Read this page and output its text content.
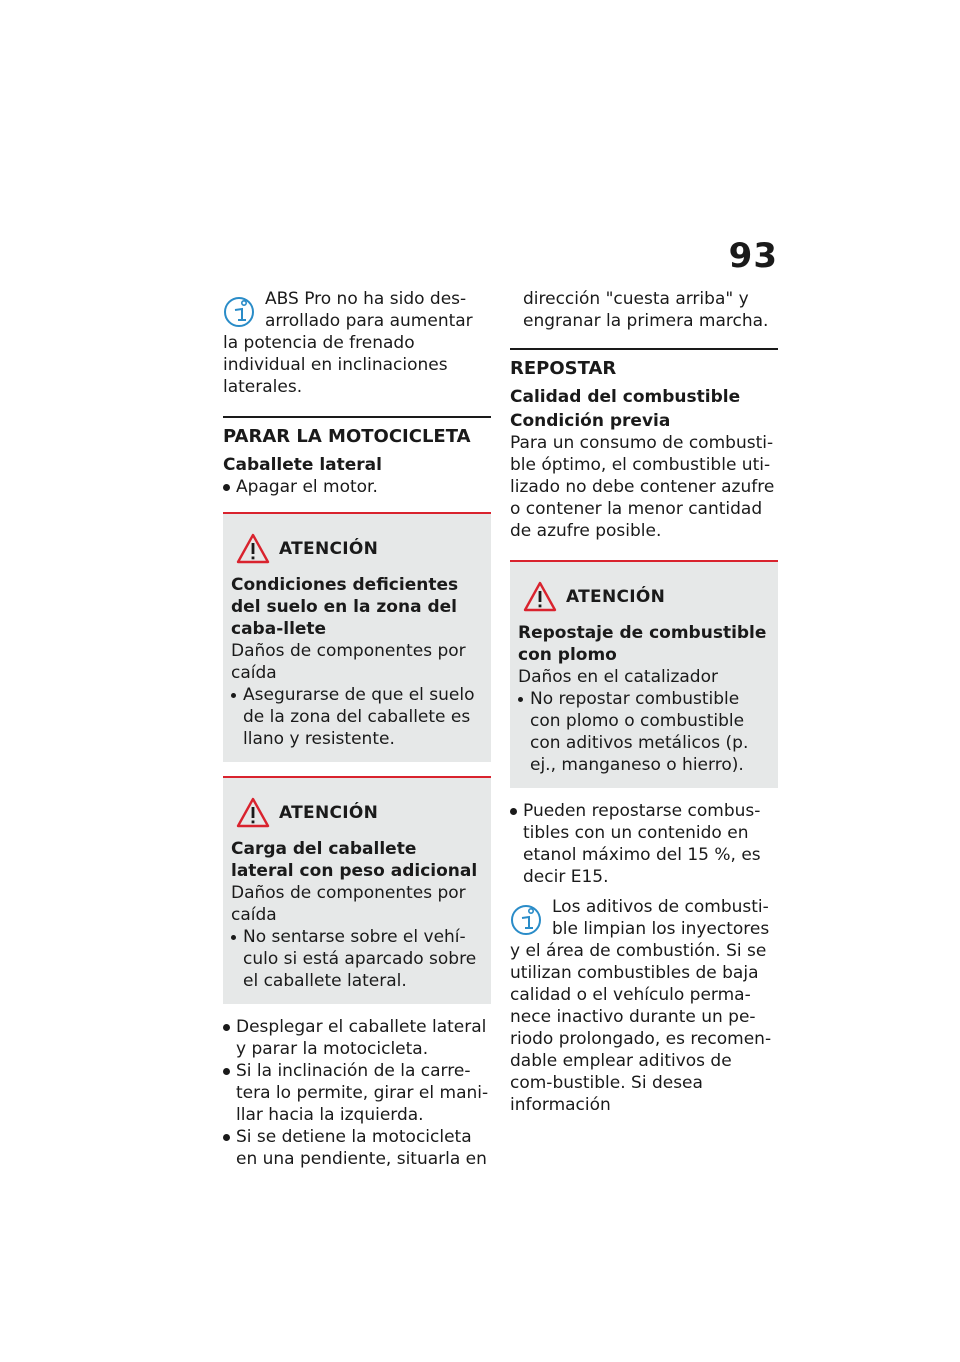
93

ABS Pro no ha sido des-arrollado para aumentar la potencia de frenado individual en inclinaciones laterales.

PARAR LA MOTOCICLETA

Caballete lateral

Apagar el motor.
ATENCIÓN

Condiciones deficientes del suelo en la zona del caba-llete

Daños de componentes por caída

Asegurarse de que el suelo de la zona del caballete es llano y resistente.
ATENCIÓN

Carga del caballete lateral con peso adicional

Daños de componentes por caída

No sentarse sobre el vehí-culo si está aparcado sobre el caballete lateral.
Desplegar el caballete lateral y parar la motocicleta.
Si la inclinación de la carre-tera lo permite, girar el mani-llar hacia la izquierda.
Si se detiene la motocicleta en una pendiente, situarla en

dirección "cuesta arriba" y engranar la primera marcha.

REPOSTAR

Calidad del combustible

Condición previa

Para un consumo de combusti-ble óptimo, el combustible uti-lizado no debe contener azufre o contener la menor cantidad de azufre posible.

ATENCIÓN

Repostaje de combustible con plomo

Daños en el catalizador

No repostar combustible con plomo o combustible con aditivos metálicos (p. ej., manganeso o hierro).
Pueden repostarse combus-tibles con un contenido en etanol máximo del 15 %, es decir E15.

Los aditivos de combusti-ble limpian los inyectores y el área de combustión. Si se utilizan combustibles de baja calidad o el vehículo perma-nece inactivo durante un pe-riodo prolongado, es recomen-dable emplear aditivos de com-bustible. Si desea información
